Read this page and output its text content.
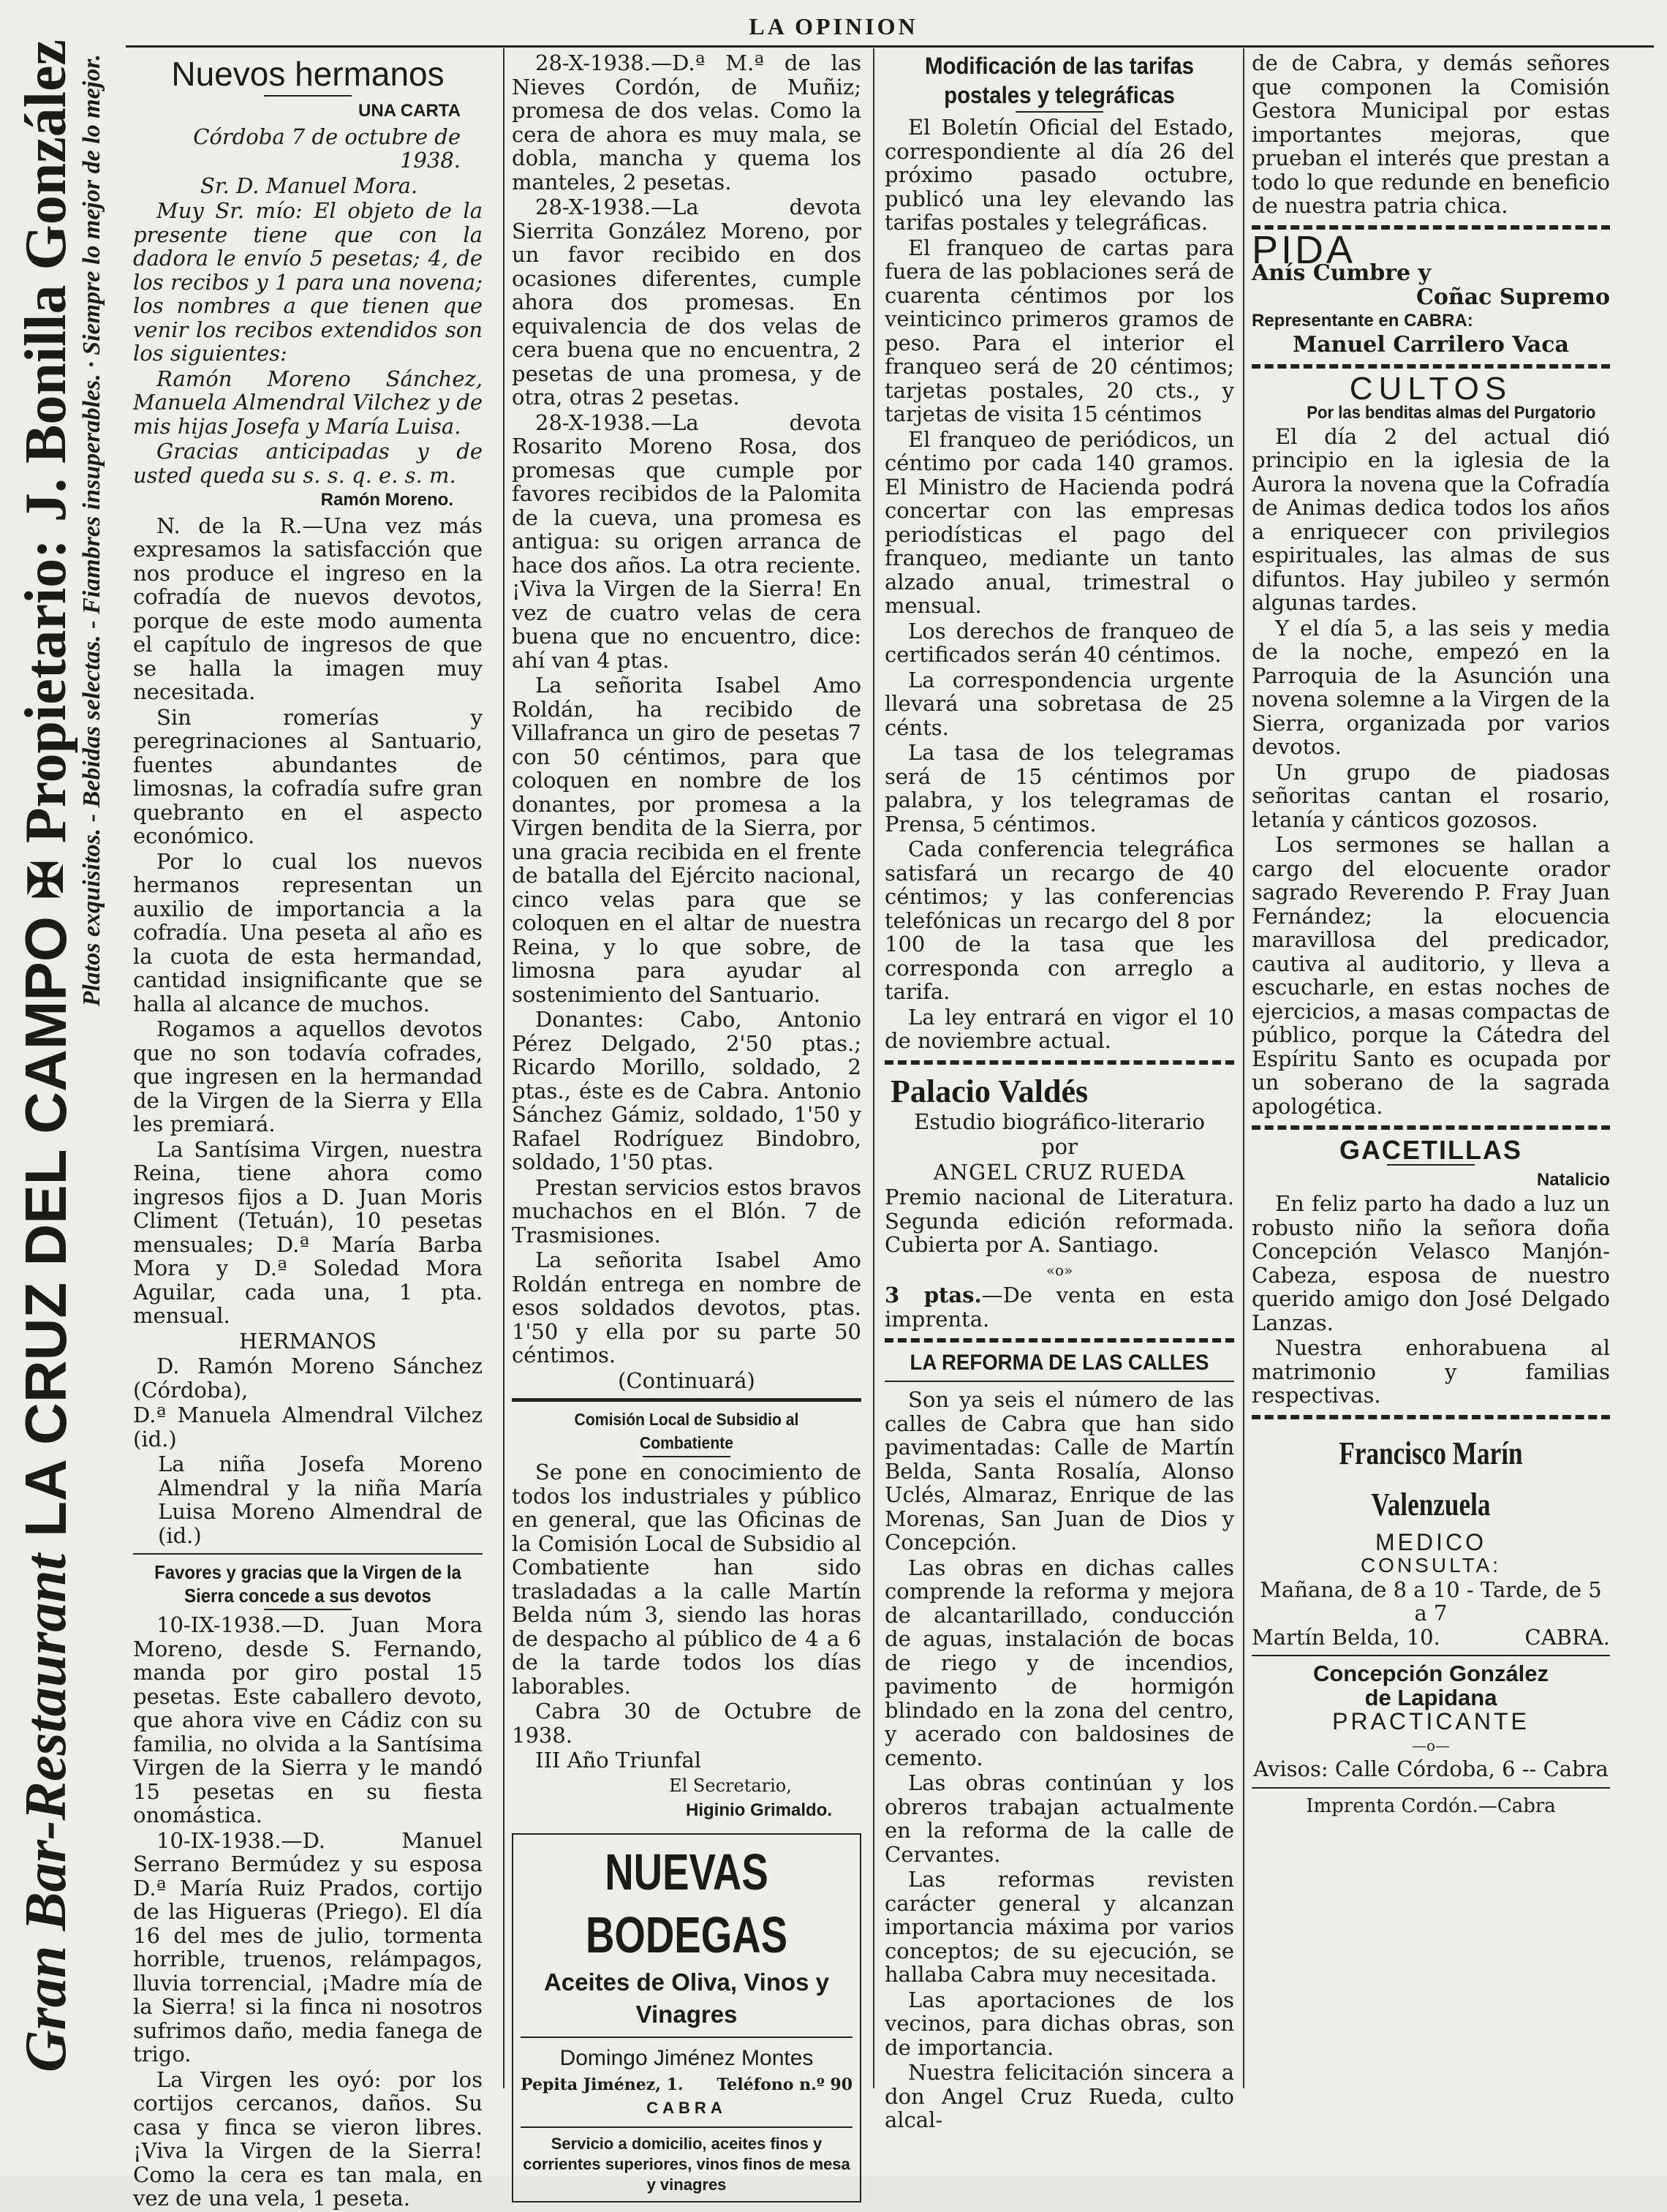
LA OPINION
Gran Bar-Restaurant
LA CRUZ DEL CAMPO
✠
Propietario:
J. Bonilla González
Platos exquisitos. - Bebidas selectas. - Fiambres insuperables. · Siempre lo mejor de lo mejor.	Nuevos hermanos

UNA CARTA

Córdoba 7 de octubre de 1938.

Sr. D. Manuel Mora.

Muy Sr. mío: El objeto de la presente tiene que con la dadora le envío 5 pesetas; 4, de los recibos y 1 para una novena; los nombres a que tienen que venir los recibos extendidos son los siguientes:

Ramón Moreno Sánchez, Manuela Almendral Vilchez y de mis hijas Josefa y María Luisa.

Gracias anticipadas y de usted queda su s. s. q. e. s. m.

Ramón Moreno.

N. de la R.—Una vez más expresamos la satisfacción que nos produce el ingreso en la cofradía de nuevos devotos, porque de este modo aumenta el capítulo de ingresos de que se halla la imagen muy necesitada.

Sin romerías y peregrinaciones al Santuario, fuentes abundantes de limosnas, la cofradía sufre gran quebranto en el aspecto económico.

Por lo cual los nuevos hermanos representan un auxilio de importancia a la cofradía. Una peseta al año es la cuota de esta hermandad, cantidad insignificante que se halla al alcance de muchos.

Rogamos a aquellos devotos que no son todavía cofrades, que ingresen en la hermandad de la Virgen de la Sierra y Ella les premiará.

La Santísima Virgen, nuestra Reina, tiene ahora como ingresos fijos a D. Juan Moris Climent (Tetuán), 10 pesetas mensuales; D.ª María Barba Mora y D.ª Soledad Mora Aguilar, cada una, 1 pta. mensual.

HERMANOS

D. Ramón Moreno Sánchez (Córdoba),

D.ª Manuela Almendral Vilchez (id.)

La niña Josefa Moreno Almendral y la niña María Luisa Moreno Almendral de (id.)

Favores y gracias que la Virgen de la Sierra concede a sus devotos

10-IX-1938.—D. Juan Mora Moreno, desde S. Fernando, manda por giro postal 15 pesetas. Este caballero devoto, que ahora vive en Cádiz con su familia, no olvida a la Santísima Virgen de la Sierra y le mandó 15 pesetas en su fiesta onomástica.

10-IX-1938.—D. Manuel Serrano Bermúdez y su esposa D.ª María Ruiz Prados, cortijo de las Higueras (Priego). El día 16 del mes de julio, tormenta horrible, truenos, relámpagos, lluvia torrencial, ¡Madre mía de la Sierra! si la finca ni nosotros sufrimos daño, media fanega de trigo.

La Virgen les oyó: por los cortijos cercanos, daños. Su casa y finca se vieron libres. ¡Viva la Virgen de la Sierra! Como la cera es tan mala, en vez de una vela, 1 peseta.

28-X-1938.—D.ª M.ª de las Nieves Cordón, de Muñiz; promesa de dos velas. Como la cera de ahora es muy mala, se dobla, mancha y quema los manteles, 2 pesetas.

28-X-1938.—La devota Sierrita González Moreno, por un favor recibido en dos ocasiones diferentes, cumple ahora dos promesas. En equivalencia de dos velas de cera buena que no encuentra, 2 pesetas de una promesa, y de otra, otras 2 pesetas.

28-X-1938.—La devota Rosarito Moreno Rosa, dos promesas que cumple por favores recibidos de la Palomita de la cueva, una promesa es antigua: su origen arranca de hace dos años. La otra reciente. ¡Viva la Virgen de la Sierra! En vez de cuatro velas de cera buena que no encuentro, dice: ahí van 4 ptas.

La señorita Isabel Amo Roldán, ha recibido de Villafranca un giro de pesetas 7 con 50 céntimos, para que coloquen en nombre de los donantes, por promesa a la Virgen bendita de la Sierra, por una gracia recibida en el frente de batalla del Ejército nacional, cinco velas para que se coloquen en el altar de nuestra Reina, y lo que sobre, de limosna para ayudar al sostenimiento del Santuario.

Donantes: Cabo, Antonio Pérez Delgado, 2'50 ptas.; Ricardo Morillo, soldado, 2 ptas., éste es de Cabra. Antonio Sánchez Gámiz, soldado, 1'50 y Rafael Rodríguez Bindobro, soldado, 1'50 ptas.

Prestan servicios estos bravos muchachos en el Blón. 7 de Trasmisiones.

La señorita Isabel Amo Roldán entrega en nombre de esos soldados devotos, ptas. 1'50 y ella por su parte 50 céntimos.

(Continuará)

Comisión Local de Subsidio al Combatiente

Se pone en conocimiento de todos los industriales y público en general, que las Oficinas de la Comisión Local de Subsidio al Combatiente han sido trasladadas a la calle Martín Belda núm 3, siendo las horas de despacho al público de 4 a 6 de la tarde todos los días laborables.

Cabra 30 de Octubre de 1938.

III Año Triunfal

El Secretario,

Higinio Grimaldo.

NUEVAS BODEGAS
Aceites de Oliva, Vinos y Vinagres
Domingo Jiménez Montes
Pepita Jiménez, 1. Teléfono n.º 90
CABRA
Servicio a domicilio, aceites finos y corrientes superiores, vinos finos de mesa y vinagres
Modificación de las tarifas postales y telegráficas

El Boletín Oficial del Estado, correspondiente al día 26 del próximo pasado octubre, publicó una ley elevando las tarifas postales y telegráficas.

El franqueo de cartas para fuera de las poblaciones será de cuarenta céntimos por los veinticinco primeros gramos de peso. Para el interior el franqueo será de 20 céntimos; tarjetas postales, 20 cts., y tarjetas de visita 15 céntimos

El franqueo de periódicos, un céntimo por cada 140 gramos. El Ministro de Hacienda podrá concertar con las empresas periodísticas el pago del franqueo, mediante un tanto alzado anual, trimestral o mensual.

Los derechos de franqueo de certificados serán 40 céntimos.

La correspondencia urgente llevará una sobretasa de 25 cénts.

La tasa de los telegramas será de 15 céntimos por palabra, y los telegramas de Prensa, 5 céntimos.

Cada conferencia telegráfica satisfará un recargo de 40 céntimos; y las conferencias telefónicas un recargo del 8 por 100 de la tasa que les corresponda con arreglo a tarifa.

La ley entrará en vigor el 10 de noviembre actual.

Palacio Valdés

Estudio biográfico-literario

por

ANGEL CRUZ RUEDA

Premio nacional de Literatura. Segunda edición reformada. Cubierta por A. Santiago.

«o»

3 ptas.—De venta en esta imprenta.

LA REFORMA DE LAS CALLES

Son ya seis el número de las calles de Cabra que han sido pavimentadas: Calle de Martín Belda, Santa Rosalía, Alonso Uclés, Almaraz, Enrique de las Morenas, San Juan de Dios y Concepción.

Las obras en dichas calles comprende la reforma y mejora de alcantarillado, conducción de aguas, instalación de bocas de riego y de incendios, pavimento de hormigón blindado en la zona del centro, y acerado con baldosines de cemento.

Las obras continúan y los obreros trabajan actualmente en la reforma de la calle de Cervantes.

Las reformas revisten carácter general y alcanzan importancia máxima por varios conceptos; de su ejecución, se hallaba Cabra muy necesitada.

Las aportaciones de los vecinos, para dichas obras, son de importancia.

Nuestra felicitación sincera a don Angel Cruz Rueda, culto alcal-

de de Cabra, y demás señores que componen la Comisión Gestora Municipal por estas importantes mejoras, que prueban el interés que prestan a todo lo que redunde en beneficio de nuestra patria chica.

PIDA
Anís Cumbre y
Coñac Supremo
Representante en CABRA:
Manuel Carrilero Vaca
CULTOS
Por las benditas almas del Purgatorio

El día 2 del actual dió principio en la iglesia de la Aurora la novena que la Cofradía de Animas dedica todos los años a enriquecer con privilegios espirituales, las almas de sus difuntos. Hay jubileo y sermón algunas tardes.

Y el día 5, a las seis y media de la noche, empezó en la Parroquia de la Asunción una novena solemne a la Virgen de la Sierra, organizada por varios devotos.

Un grupo de piadosas señoritas cantan el rosario, letanía y cánticos gozosos.

Los sermones se hallan a cargo del elocuente orador sagrado Reverendo P. Fray Juan Fernández; la elocuencia maravillosa del predicador, cautiva al auditorio, y lleva a escucharle, en estas noches de ejercicios, a masas compactas de público, porque la Cátedra del Espíritu Santo es ocupada por un soberano de la sagrada apologética.

GACETILLAS
Natalicio

En feliz parto ha dado a luz un robusto niño la señora doña Concepción Velasco Manjón-Cabeza, esposa de nuestro querido amigo don José Delgado Lanzas.

Nuestra enhorabuena al matrimonio y familias respectivas.

Francisco Marín Valenzuela
MEDICO
CONSULTA:
Mañana, de 8 a 10 - Tarde, de 5 a 7
Martín Belda, 10.	CABRA.
Concepción González
de Lapidana
PRACTICANTE
—o—
Avisos: Calle Córdoba, 6 -- Cabra
Imprenta Cordón.—Cabra
